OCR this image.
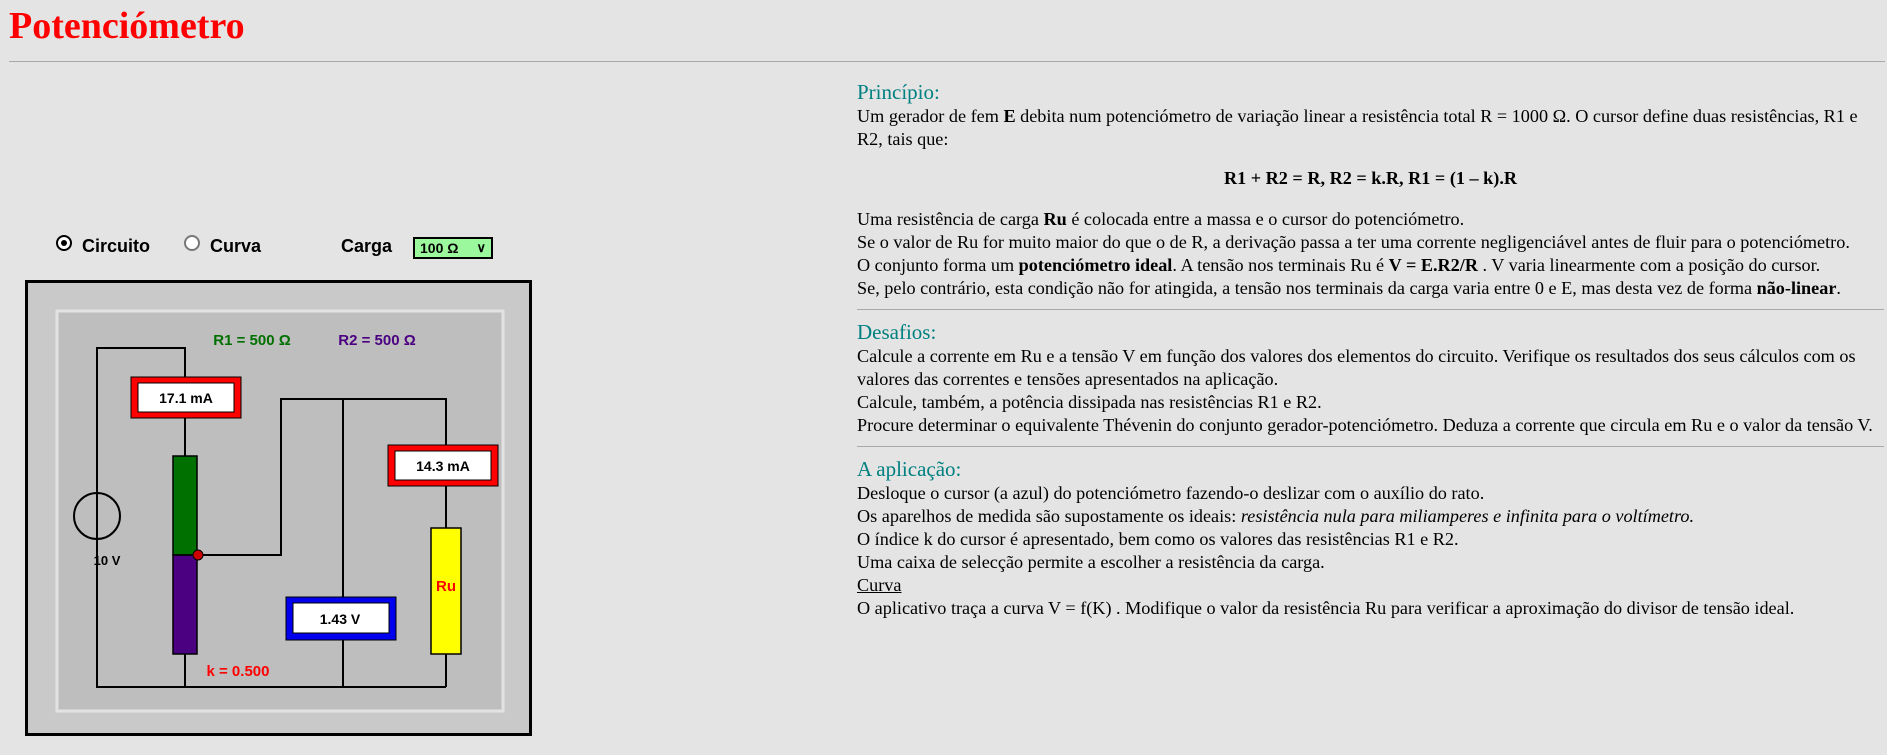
Potenciómetro
Circuito	Curva	Carga	100 Ω ∨
10 V
R1 = 500 Ω	R2 = 500 Ω
k = 0.500
17.1 mA
14.3 mA
1.43 V
Ru
Princípio:

Um gerador de fem E debita num potenciómetro de variação linear a resistência total R = 1000 Ω. O cursor define duas resistências, R1 e R2, tais que:

R1 + R2 = R, R2 = k.R, R1 = (1 – k).R

Uma resistência de carga Ru é colocada entre a massa e o cursor do potenciómetro.

Se o valor de Ru for muito maior do que o de R, a derivação passa a ter uma corrente negligenciável antes de fluir para o potenciómetro.

O conjunto forma um potenciómetro ideal. A tensão nos terminais Ru é V = E.R2/R . V varia linearmente com a posição do cursor.

Se, pelo contrário, esta condição não for atingida, a tensão nos terminais da carga varia entre 0 e E, mas desta vez de forma não-linear.

Desafios:

Calcule a corrente em Ru e a tensão V em função dos valores dos elementos do circuito. Verifique os resultados dos seus cálculos com os valores das correntes e tensões apresentados na aplicação.

Calcule, também, a potência dissipada nas resistências R1 e R2.

Procure determinar o equivalente Thévenin do conjunto gerador-potenciómetro. Deduza a corrente que circula em Ru e o valor da tensão V.

A aplicação:

Desloque o cursor (a azul) do potenciómetro fazendo-o deslizar com o auxílio do rato.

Os aparelhos de medida são supostamente os ideais: resistência nula para miliamperes e infinita para o voltímetro.

O índice k do cursor é apresentado, bem como os valores das resistências R1 e R2.

Uma caixa de selecção permite a escolher a resistência da carga.

Curva

O aplicativo traça a curva V = f(K) . Modifique o valor da resistência Ru para verificar a aproximação do divisor de tensão ideal.
